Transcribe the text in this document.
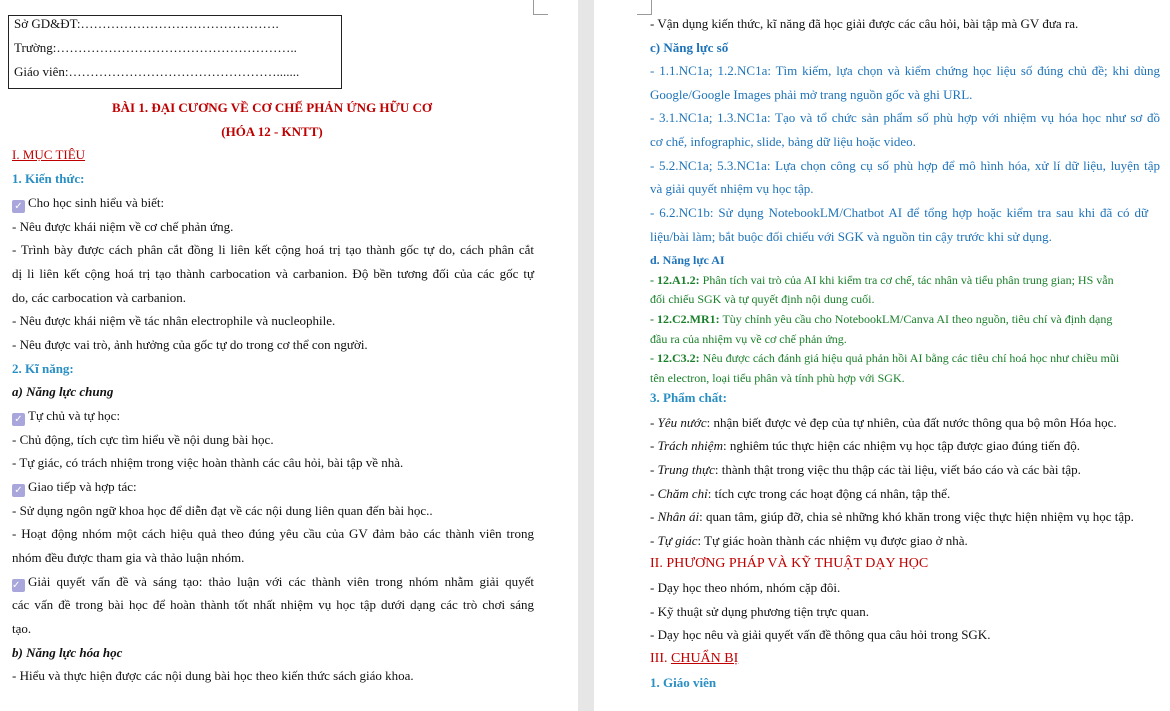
Sở GD&ĐT:……………………………………….
Trường:………………………………………………..
Giáo viên:………………………………………….......
BÀI 1. ĐẠI CƯƠNG VỀ CƠ CHẾ PHẢN ỨNG HỮU CƠ
(HÓA 12 - KNTT)
I. MỤC TIÊU
1. Kiến thức:
✓ Cho học sinh hiểu và biết:
- Nêu được khái niệm về cơ chế phản ứng.
- Trình bày được cách phân cắt đồng li liên kết cộng hoá trị tạo thành gốc tự do, cách phân cắt
dị li liên kết cộng hoá trị tạo thành carbocation và carbanion. Độ bền tương đối của các gốc tự
do, các carbocation và carbanion.
- Nêu được khái niệm về tác nhân electrophile và nucleophile.
- Nêu được vai trò, ảnh hưởng của gốc tự do trong cơ thể con người.
2. Kĩ năng:
a) Năng lực chung
✓ Tự chủ và tự học:
- Chủ động, tích cực tìm hiểu về nội dung bài học.
- Tự giác, có trách nhiệm trong việc hoàn thành các câu hỏi, bài tập về nhà.
✓ Giao tiếp và hợp tác:
- Sử dụng ngôn ngữ khoa học để diễn đạt về các nội dung liên quan đến bài học..
- Hoạt động nhóm một cách hiệu quả theo đúng yêu cầu của GV đảm bảo các thành viên trong
nhóm đều được tham gia và thảo luận nhóm.
✓ Giải quyết vấn đề và sáng tạo: thảo luận với các thành viên trong nhóm nhằm giải quyết
các vấn đề trong bài học để hoàn thành tốt nhất nhiệm vụ học tập dưới dạng các trò chơi sáng
tạo.
b) Năng lực hóa học
- Hiểu và thực hiện được các nội dung bài học theo kiến thức sách giáo khoa.
- Vận dụng kiến thức, kĩ năng đã học giải được các câu hỏi, bài tập mà GV đưa ra.
c) Năng lực số
- 1.1.NC1a; 1.2.NC1a: Tìm kiếm, lựa chọn và kiểm chứng học liệu số đúng chủ đề; khi dùng
Google/Google Images phải mở trang nguồn gốc và ghi URL.
- 3.1.NC1a; 1.3.NC1a: Tạo và tổ chức sản phẩm số phù hợp với nhiệm vụ hóa học như sơ đồ
cơ chế, infographic, slide, bảng dữ liệu hoặc video.
- 5.2.NC1a; 5.3.NC1a: Lựa chọn công cụ số phù hợp để mô hình hóa, xử lí dữ liệu, luyện tập
và giải quyết nhiệm vụ học tập.
- 6.2.NC1b: Sử dụng NotebookLM/Chatbot AI để tổng hợp hoặc kiểm tra sau khi đã có dữ
liệu/bài làm; bắt buộc đối chiếu với SGK và nguồn tin cậy trước khi sử dụng.
d. Năng lực AI
- 12.A1.2: Phân tích vai trò của AI khi kiểm tra cơ chế, tác nhân và tiểu phân trung gian; HS vẫn
đối chiếu SGK và tự quyết định nội dung cuối.
- 12.C2.MR1: Tùy chỉnh yêu cầu cho NotebookLM/Canva AI theo nguồn, tiêu chí và định dạng
đầu ra của nhiệm vụ về cơ chế phản ứng.
- 12.C3.2: Nêu được cách đánh giá hiệu quả phản hồi AI bằng các tiêu chí hoá học như chiều mũi
tên electron, loại tiểu phân và tính phù hợp với SGK.
3. Phẩm chất:
- Yêu nước: nhận biết được vẻ đẹp của tự nhiên, của đất nước thông qua bộ môn Hóa học.
- Trách nhiệm: nghiêm túc thực hiện các nhiệm vụ học tập được giao đúng tiến độ.
- Trung thực: thành thật trong việc thu thập các tài liệu, viết báo cáo và các bài tập.
- Chăm chỉ: tích cực trong các hoạt động cá nhân, tập thể.
- Nhân ái: quan tâm, giúp đỡ, chia sẻ những khó khăn trong việc thực hiện nhiệm vụ học tập.
- Tự giác: Tự giác hoàn thành các nhiệm vụ được giao ở nhà.
II. PHƯƠNG PHÁP VÀ KỸ THUẬT DẠY HỌC
- Dạy học theo nhóm, nhóm cặp đôi.
- Kỹ thuật sử dụng phương tiện trực quan.
- Dạy học nêu và giải quyết vấn đề thông qua câu hỏi trong SGK.
III. CHUẨN BỊ
1. Giáo viên
